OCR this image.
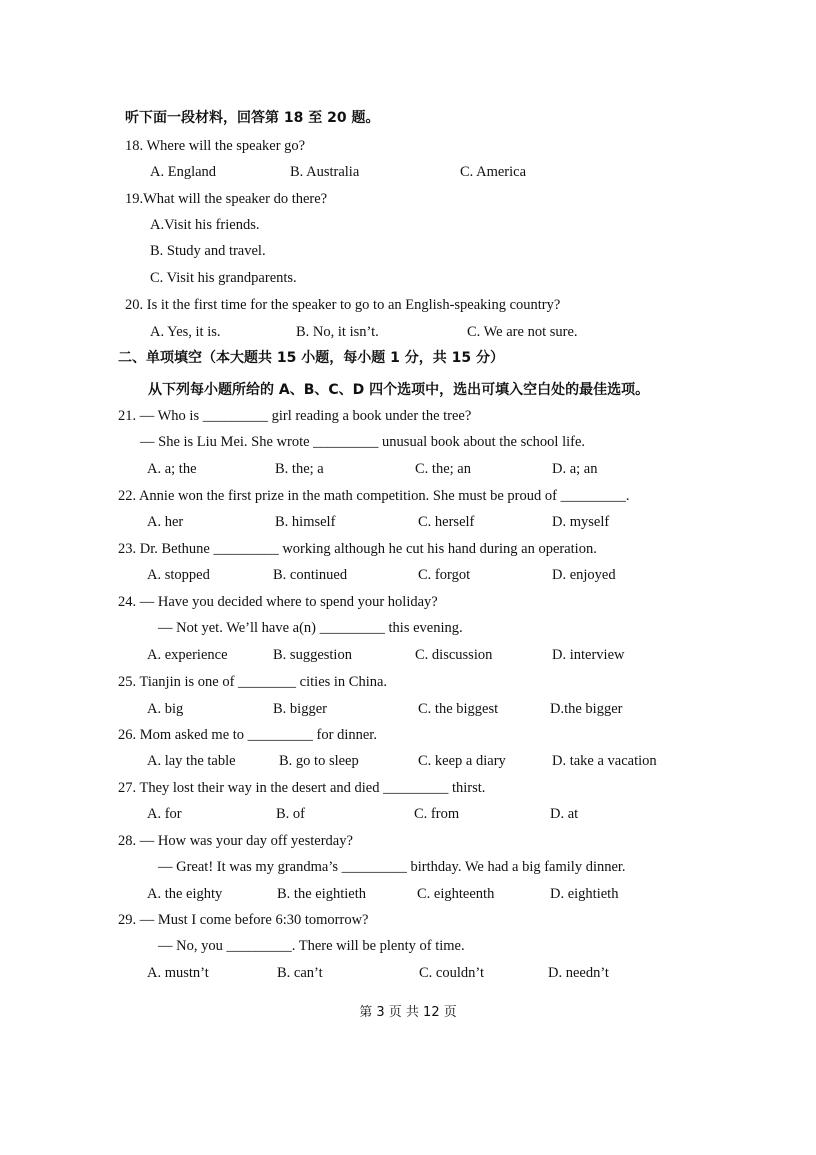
听下面一段材料，回答第 18 至 20 题。
18. Where will the speaker go?
A. England	B. Australia	C. America
19.What will the speaker do there?
A.Visit his friends.
B. Study and travel.
C. Visit his grandparents.
20. Is it the first time for the speaker to go to an English-speaking country?
A. Yes, it is.	B. No, it isn’t.	C. We are not sure.
二、单项填空（本大题共 15 小题，每小题 1 分，共 15 分）
从下列每小题所给的 A、B、C、D 四个选项中，选出可填入空白处的最佳选项。
21. — Who is _________ girl reading a book under the tree?
— She is Liu Mei. She wrote _________ unusual book about the school life.
A. a; the	B. the; a	C. the; an	D. a; an
22. Annie won the first prize in the math competition. She must be proud of _________.
A. her	B. himself	C. herself	D. myself
23. Dr. Bethune _________ working although he cut his hand during an operation.
A. stopped	B. continued	C. forgot	D. enjoyed
24. — Have you decided where to spend your holiday?
— Not yet. We’ll have a(n) _________ this evening.
A. experience	B. suggestion	C. discussion	D. interview
25. Tianjin is one of ________ cities in China.
A. big	B. bigger	C. the biggest	D.the bigger
26. Mom asked me to _________ for dinner.
A. lay the table	B. go to sleep	C. keep a diary	D. take a vacation
27. They lost their way in the desert and died _________ thirst.
A. for	B. of	C. from	D. at
28. — How was your day off yesterday?
— Great! It was my grandma’s _________ birthday. We had a big family dinner.
A. the eighty	B. the eightieth	C. eighteenth	D. eightieth
29. — Must I come before 6:30 tomorrow?
— No, you _________. There will be plenty of time.
A. mustn’t	B. can’t	C. couldn’t	D. needn’t
第 3 页 共 12 页
